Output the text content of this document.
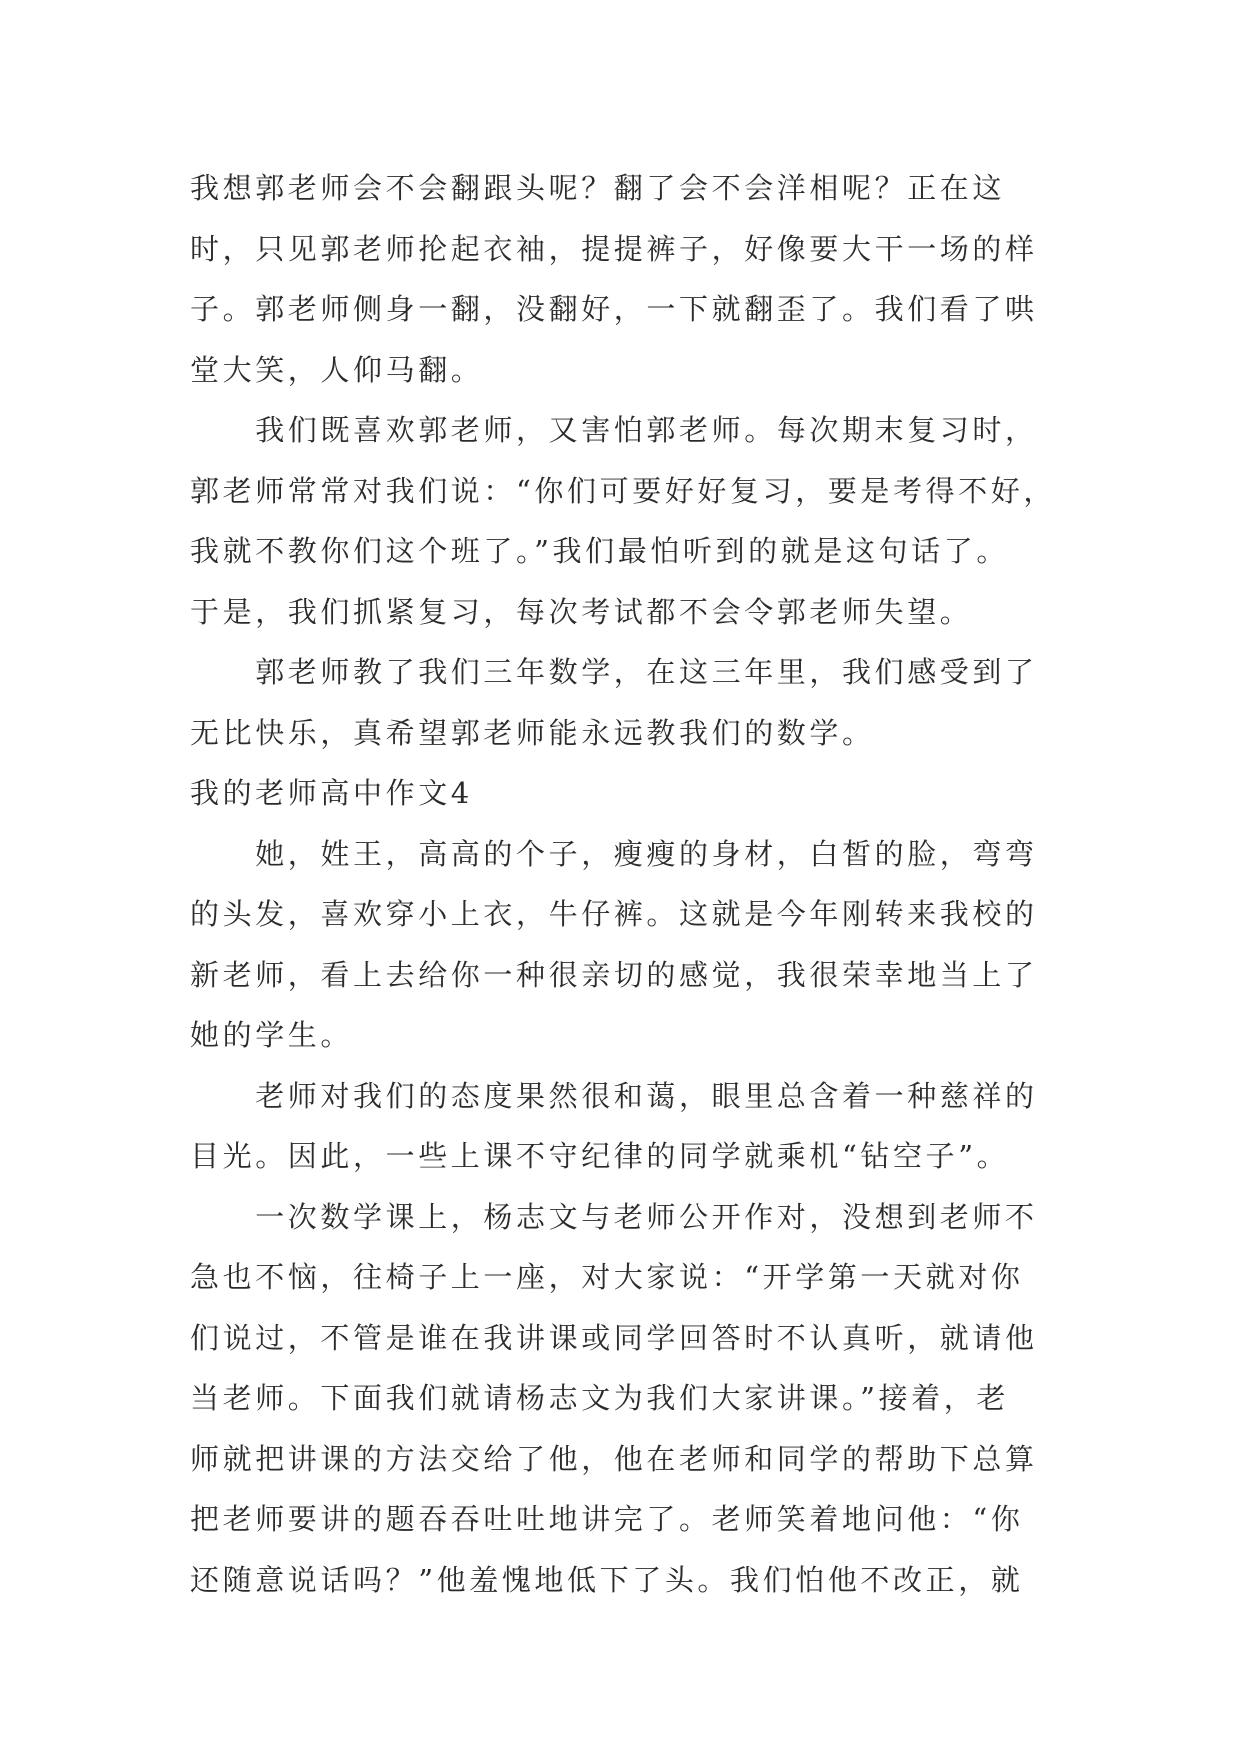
我想郭老师会不会翻跟头呢？翻了会不会洋相呢？正在这
时，只见郭老师抡起衣袖，提提裤子，好像要大干一场的样
子。郭老师侧身一翻，没翻好，一下就翻歪了。我们看了哄
堂大笑，人仰马翻。
　　我们既喜欢郭老师，又害怕郭老师。每次期末复习时，
郭老师常常对我们说：“你们可要好好复习，要是考得不好，
我就不教你们这个班了。”我们最怕听到的就是这句话了。
于是，我们抓紧复习，每次考试都不会令郭老师失望。
　　郭老师教了我们三年数学，在这三年里，我们感受到了
无比快乐，真希望郭老师能永远教我们的数学。
我的老师高中作文4
　　她，姓王，高高的个子，瘦瘦的身材，白皙的脸，弯弯
的头发，喜欢穿小上衣，牛仔裤。这就是今年刚转来我校的
新老师，看上去给你一种很亲切的感觉，我很荣幸地当上了
她的学生。
　　老师对我们的态度果然很和蔼，眼里总含着一种慈祥的
目光。因此，一些上课不守纪律的同学就乘机“钻空子”。
　　一次数学课上，杨志文与老师公开作对，没想到老师不
急也不恼，往椅子上一座，对大家说：“开学第一天就对你
们说过，不管是谁在我讲课或同学回答时不认真听，就请他
当老师。下面我们就请杨志文为我们大家讲课。”接着，老
师就把讲课的方法交给了他，他在老师和同学的帮助下总算
把老师要讲的题吞吞吐吐地讲完了。老师笑着地问他：“你
还随意说话吗？”他羞愧地低下了头。我们怕他不改正，就
